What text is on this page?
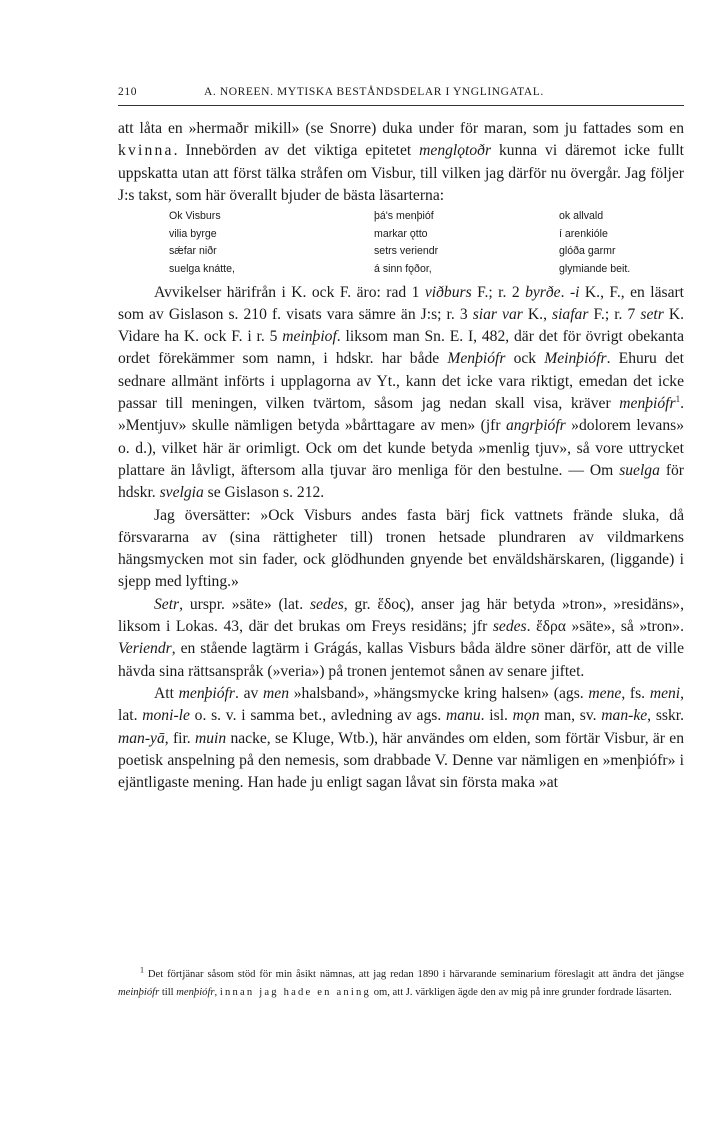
210	A. NOREEN. MYTISKA BESTÅNDSDELAR I YNGLINGATAL.

att låta en »hermaðr mikill» (se Snorre) duka under för maran, som ju fattades som en kvinna. Innebörden av det viktiga epitetet menglǫtoðr kunna vi däremot icke fullt uppskatta utan att först tälka stråfen om Visbur, till vilken jag därför nu övergår. Jag följer J:s takst, som här överallt bjuder de bästa läsarterna:

Ok Visburs
vilia byrge
sǽfar niðr
suelga knátte,
þá's menþióf
markar ǫtto
setrs veriendr
á sinn fǫðor,
ok allvald
í arenkióle
glóða garmr
glymiande beit.

Avvikelser härifrån i K. ock F. äro: rad 1 viðburs F.; r. 2 byrðe. -i K., F., en läsart som av Gislason s. 210 f. visats vara sämre än J:s; r. 3 siar var K., siafar F.; r. 7 setr K. Vidare ha K. ock F. i r. 5 meinþiof. liksom man Sn. E. I, 482, där det för övrigt obekanta ordet förekämmer som namn, i hdskr. har både Menþiófr ock Meinþiófr. Ehuru det sednare allmänt införts i upplagorna av Yt., kann det icke vara riktigt, emedan det icke passar till meningen, vilken tvärtom, såsom jag nedan skall visa, kräver menþiófr$^1$. »Mentjuv» skulle nämligen betyda »bårttagare av men» (jfr angrþiófr »dolorem levans» o. d.), vilket här är orimligt. Ock om det kunde betyda »menlig tjuv», så vore uttrycket plattare än låvligt, äftersom alla tjuvar äro menliga för den bestulne. — Om suelga för hdskr. svelgia se Gislason s. 212.

Jag översätter: »Ock Visburs andes fasta bärj fick vattnets frände sluka, då försvararna av (sina rättigheter till) tronen hetsade plundraren av vildmarkens hängsmycken mot sin fader, ock glödhunden gnyende bet enväldshärskaren, (liggande) i sjepp med lyfting.»

Setr, urspr. »säte» (lat. sedes, gr. ἕδος), anser jag här betyda »tron», »residäns», liksom i Lokas. 43, där det brukas om Freys residäns; jfr sedes. ἕδρα »säte», så »tron». Veriendr, en stående lagtärm i Grágás, kallas Visburs båda äldre söner därför, att de ville hävda sina rättsanspråk (»veria») på tronen jentemot sånen av senare jiftet.

Att menþiófr. av men »halsband», »hängsmycke kring halsen» (ags. mene, fs. meni, lat. moni-le o. s. v. i samma bet., avledning av ags. manu. isl. mǫn man, sv. man-ke, sskr. man-yā, fir. muin nacke, se Kluge, Wtb.), här användes om elden, som förtär Visbur, är en poetisk anspelning på den nemesis, som drabbade V. Denne var nämligen en »menþiófr» i ejäntligaste mening. Han hade ju enligt sagan låvat sin första maka »at

$^1$ Det förtjänar såsom stöd för min åsikt nämnas, att jag redan 1890 i härvarande seminarium föreslagit att ändra det jängse meinþiófr till menþiófr, innan jag hade en aning om, att J. värkligen ägde den av mig på inre grunder fordrade läsarten.
